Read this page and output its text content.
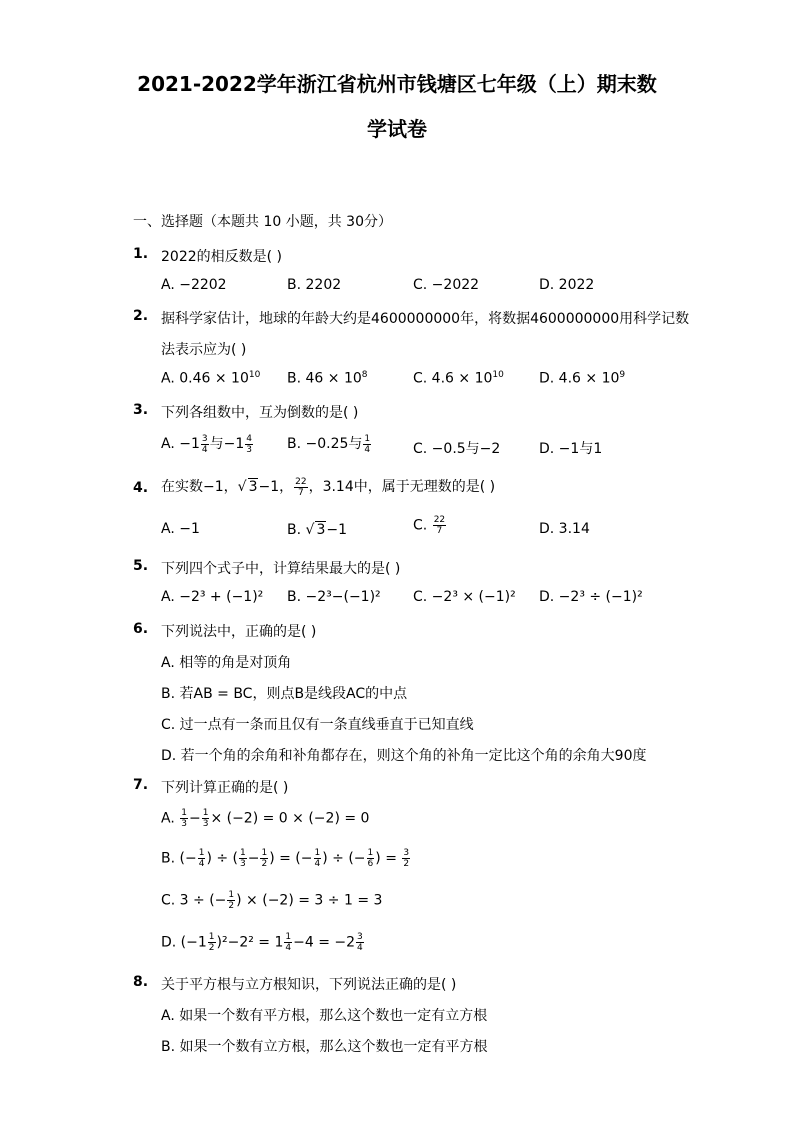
2021-2022学年浙江省杭州市钱塘区七年级（上）期末数
学试卷
一、选择题（本题共 10 小题，共 30分）
1. 2022的相反数是( )
A. −2202	B. 2202	C. −2022	D. 2022
2. 据科学家估计，地球的年龄大约是4600000000年，将数据4600000000用科学记数
法表示应为( )
A. $0.46 \times 10^{10}$ B. $46 \times 10^8$	C. $4.6 \times 10^{10}$	D. $4.6 \times 10^9$
3. 下列各组数中，互为倒数的是( )
A. $-1 \frac{3}{4}$ 与$-1 \frac{4}{3} B$. −0.25与 $\frac{1}{4}$	C. −0.5与−2	D. −1与1
4. 在实数−1，√ 3−1， $\frac{22}{7}$ ，3.14中，属于无理数的是( )
A. −1	B. √ 3−1	C. $\frac{22}{7}$	D. 3.14
5. 下列四个式子中，计算结果最大的是( )
A. −2³ + (−1)² B. −2³−(−1)² C. −2³ × (−1)² D. −2³ ÷ (−1)²
6. 下列说法中，正确的是( )
A. 相等的角是对顶角
B. 若AB = BC，则点B是线段AC的中点
C. 过一点有一条而且仅有一条直线垂直于已知直线
D. 若一个角的余角和补角都存在，则这个角的补角一定比这个角的余角大90度
7. 下列计算正确的是( )
A. $\frac{1}{3} - \frac{1}{3} \times (-2) = 0 \times (-2) = 0$
B. (− $\frac{1}{4}$ ) ÷ ( $\frac{1}{3} - \frac{1}{2}$ ) = (− $\frac{1}{4}$ ) ÷ (− $\frac{1}{6}$ ) = $\frac{3}{2}$
C. 3 ÷ (− $\frac{1}{2}$ ) × (−2) = 3 ÷ 1 = 3
D. $(-1 \frac{1}{2} )^2-2^2 = 1 \frac{1}{4} -4 = -2 \frac{3}{4}$
8. 关于平方根与立方根知识，下列说法正确的是( )
A. 如果一个数有平方根，那么这个数也一定有立方根
B. 如果一个数有立方根，那么这个数也一定有平方根
